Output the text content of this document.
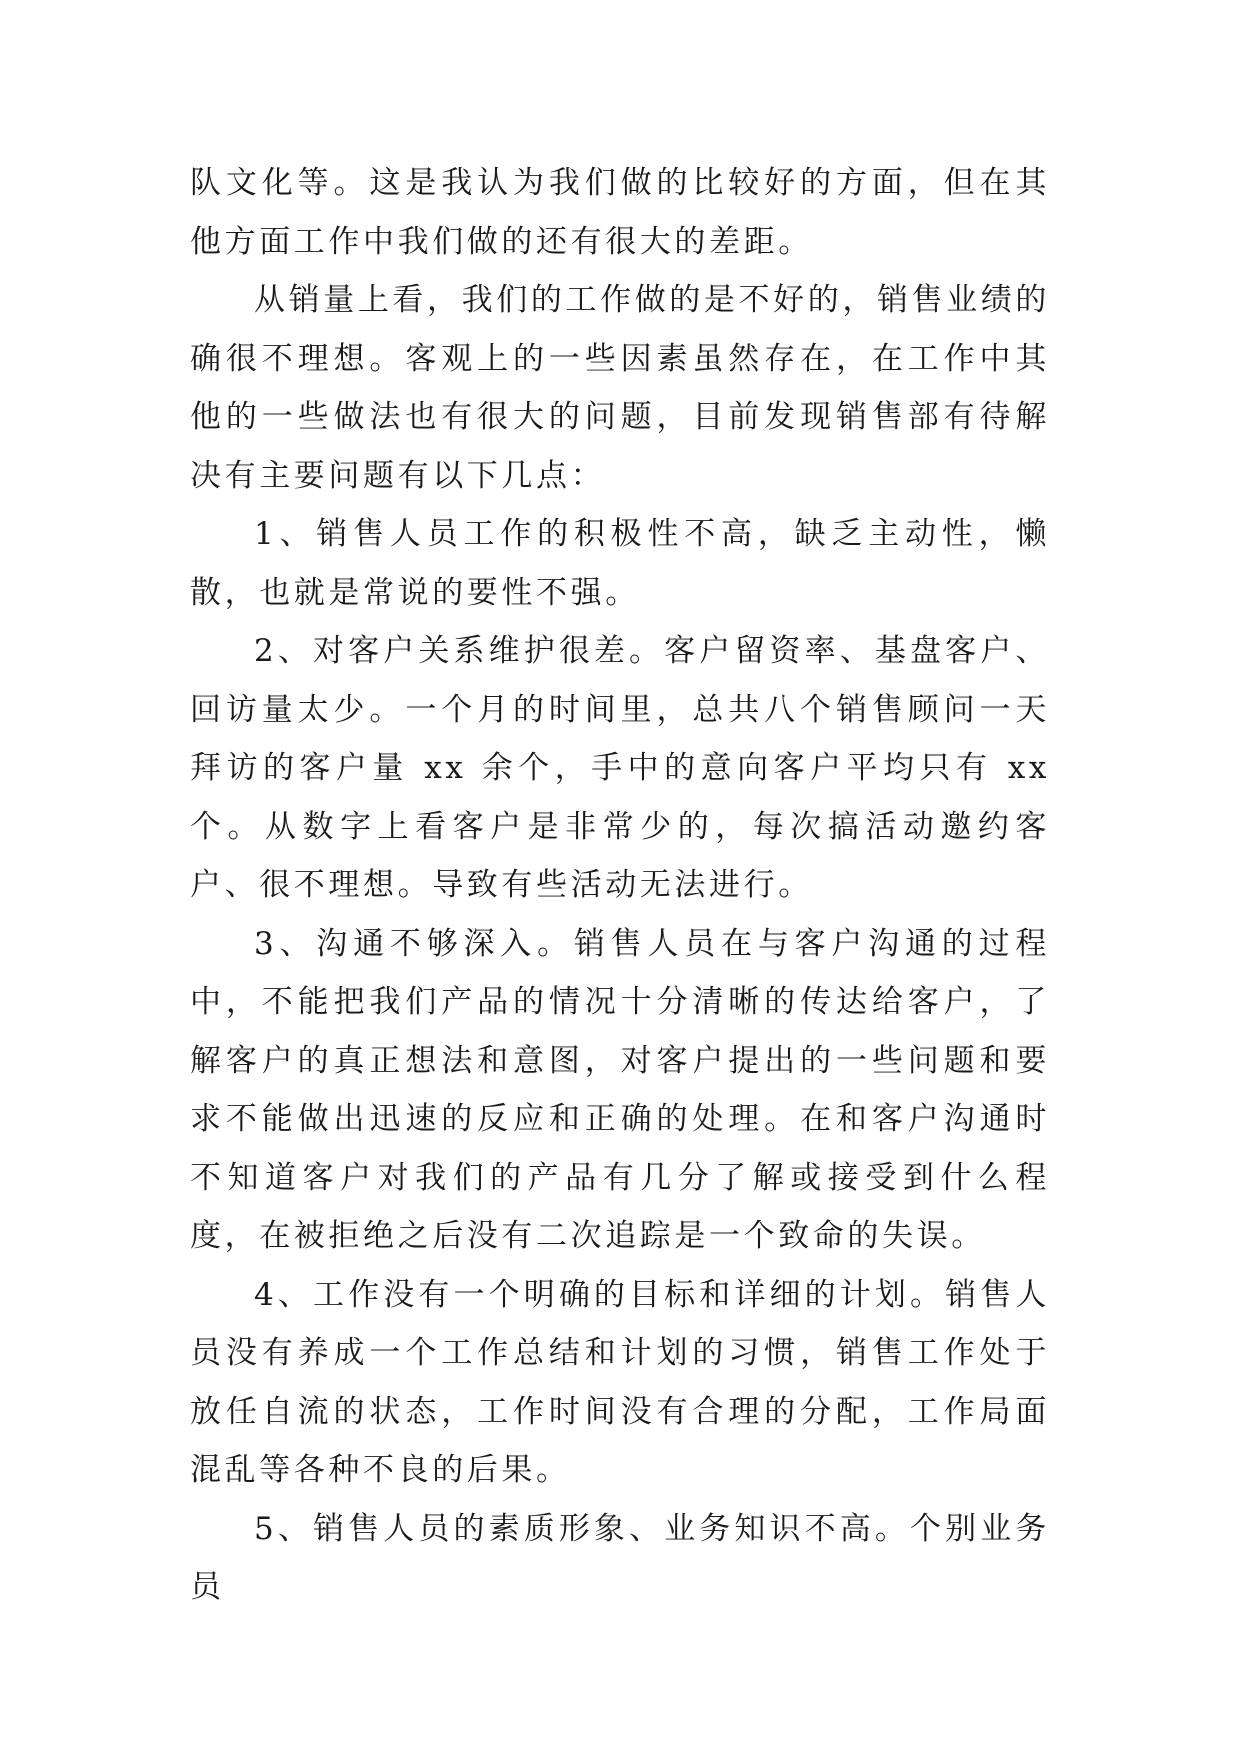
队文化等。这是我认为我们做的比较好的方面，但在其他方面工作中我们做的还有很大的差距。

从销量上看，我们的工作做的是不好的，销售业绩的确很不理想。客观上的一些因素虽然存在，在工作中其他的一些做法也有很大的问题，目前发现销售部有待解决有主要问题有以下几点：

1、销售人员工作的积极性不高，缺乏主动性，懒散，也就是常说的要性不强。

2、对客户关系维护很差。客户留资率、基盘客户、回访量太少。一个月的时间里，总共八个销售顾问一天拜访的客户量 xx 余个，手中的意向客户平均只有 xx 个。从数字上看客户是非常少的，每次搞活动邀约客户、很不理想。导致有些活动无法进行。

3、沟通不够深入。销售人员在与客户沟通的过程中，不能把我们产品的情况十分清晰的传达给客户，了解客户的真正想法和意图，对客户提出的一些问题和要求不能做出迅速的反应和正确的处理。在和客户沟通时不知道客户对我们的产品有几分了解或接受到什么程度，在被拒绝之后没有二次追踪是一个致命的失误。

4、工作没有一个明确的目标和详细的计划。销售人员没有养成一个工作总结和计划的习惯，销售工作处于放任自流的状态，工作时间没有合理的分配，工作局面混乱等各种不良的后果。

5、销售人员的素质形象、业务知识不高。个别业务员
